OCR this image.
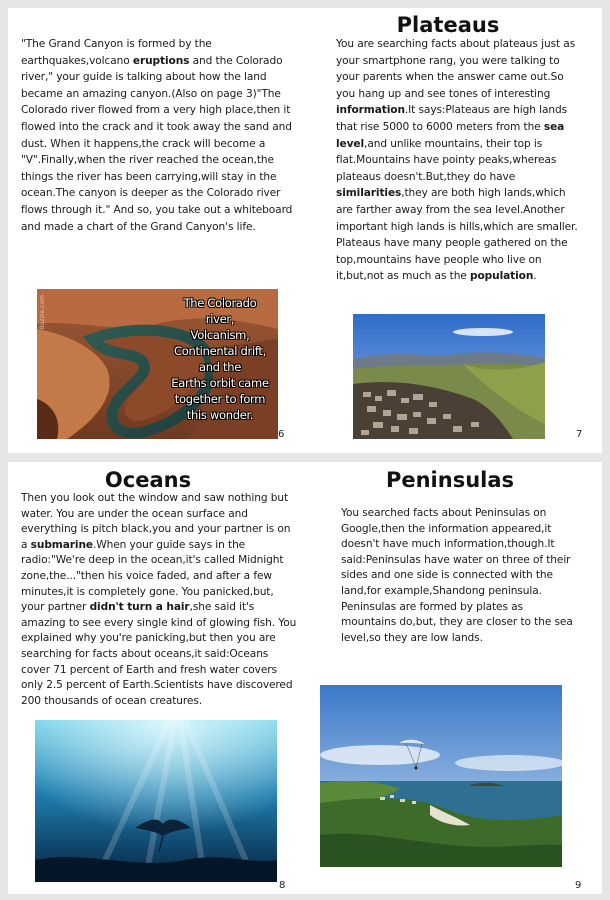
"The Grand Canyon is formed by the earthquakes,volcano eruptions and the Colorado river," your guide is talking about how the land became an amazing canyon.(Also on page 3)"The Colorado river flowed from a very high place,then it flowed into the crack and it took away the sand and dust. When it happens,the crack will become a "V".Finally,when the river reached the ocean,the things the river has been carrying,will stay in the ocean.The canyon is deeper as the Colorado river flows through it." And so, you take out a whiteboard and made a chart of the Grand Canyon's life.

Buzzle.com	The Colorado river,
Volcanism,
Continental drift,
and the
Earths orbit came
together to form
this wonder.
6
Plateaus

You are searching facts about plateaus just as your smartphone rang, you were talking to your parents when the answer came out.So you hang up and see tones of interesting information.It says:Plateaus are high lands that rise 5000 to 6000 meters from the sea level,and unlike mountains, their top is flat.Mountains have pointy peaks,whereas plateaus doesn't.But,they do have similarities,they are both high lands,which are farther away from the sea level.Another important high lands is hills,which are smaller. Plateaus have many people gathered on the top,mountains have people who live on it,but,not as much as the population.

7
Oceans

Then you look out the window and saw nothing but water. You are under the ocean surface and everything is pitch black,you and your partner is on a submarine.When your guide says in the radio:"We're deep in the ocean,it's called Midnight zone,the..."then his voice faded, and after a few minutes,it is completely gone. You panicked,but, your partner didn't turn a hair,she said it's amazing to see every single kind of glowing fish. You explained why you're panicking,but then you are searching for facts about oceans,it said:Oceans cover 71 percent of Earth and fresh water covers only 2.5 percent of Earth.Scientists have discovered 200 thousands of ocean creatures.

8
Peninsulas

You searched facts about Peninsulas on Google,then the information appeared,it doesn't have much information,though.It said:Peninsulas have water on three of their sides and one side is connected with the land,for example,Shandong peninsula. Peninsulas are formed by plates as mountains do,but, they are closer to the sea level,so they are low lands.

9
